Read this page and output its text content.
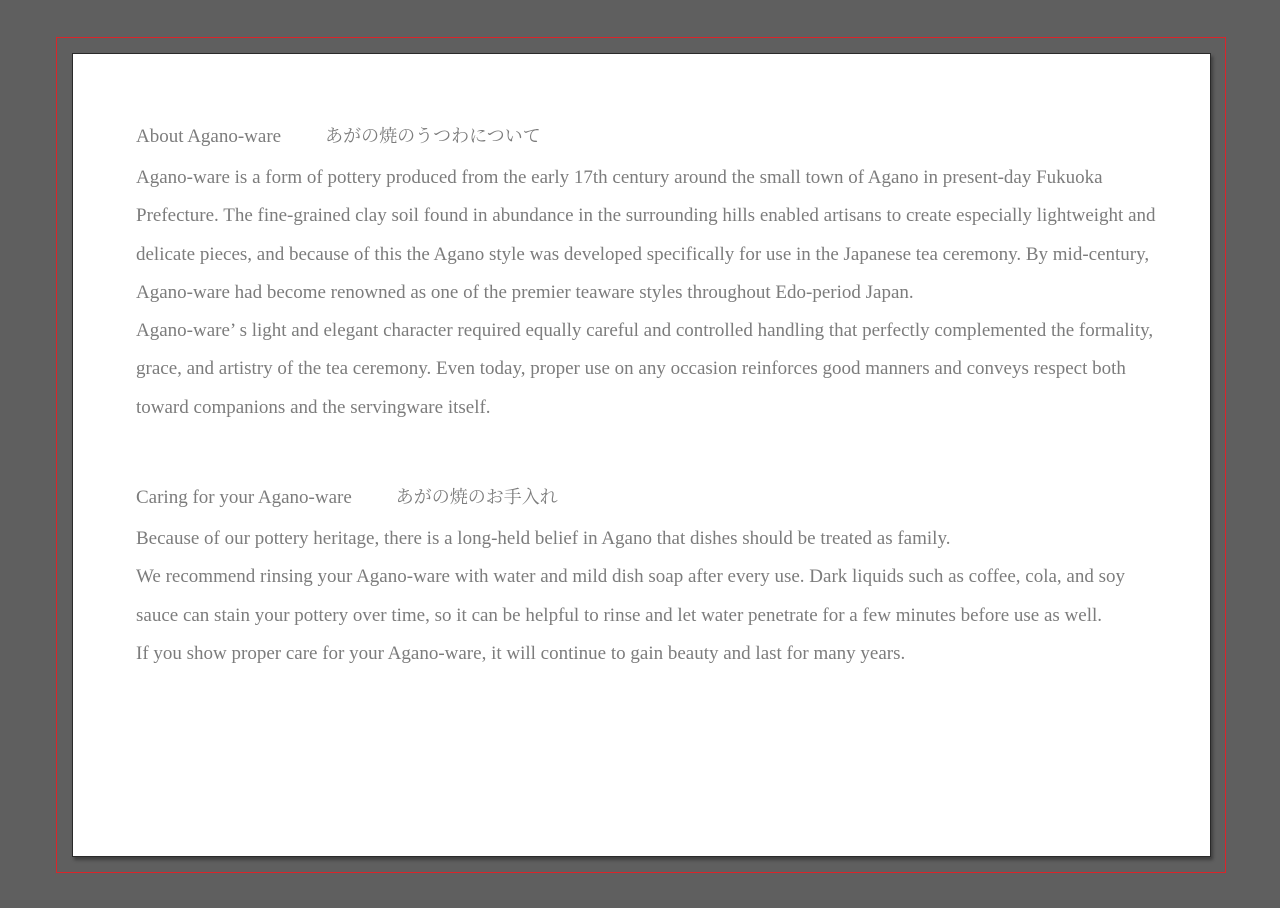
About Agano-ware あがの焼のうつわについて

Agano-ware is a form of pottery produced from the early 17th century around the small town of Agano in present-day Fukuoka Prefecture. The fine-grained clay soil found in abundance in the surrounding hills enabled artisans to create especially lightweight and delicate pieces, and because of this the Agano style was developed specifically for use in the Japanese tea ceremony. By mid-century, Agano-ware had become renowned as one of the premier teaware styles throughout Edo-period Japan.

Agano-ware’ s light and elegant character required equally careful and controlled handling that perfectly complemented the formality, grace, and artistry of the tea ceremony. Even today, proper use on any occasion reinforces good manners and conveys respect both toward companions and the servingware itself.

Caring for your Agano-ware あがの焼のお手入れ

Because of our pottery heritage, there is a long-held belief in Agano that dishes should be treated as family.

We recommend rinsing your Agano-ware with water and mild dish soap after every use. Dark liquids such as coffee, cola, and soy sauce can stain your pottery over time, so it can be helpful to rinse and let water penetrate for a few minutes before use as well.

If you show proper care for your Agano-ware, it will continue to gain beauty and last for many years.
